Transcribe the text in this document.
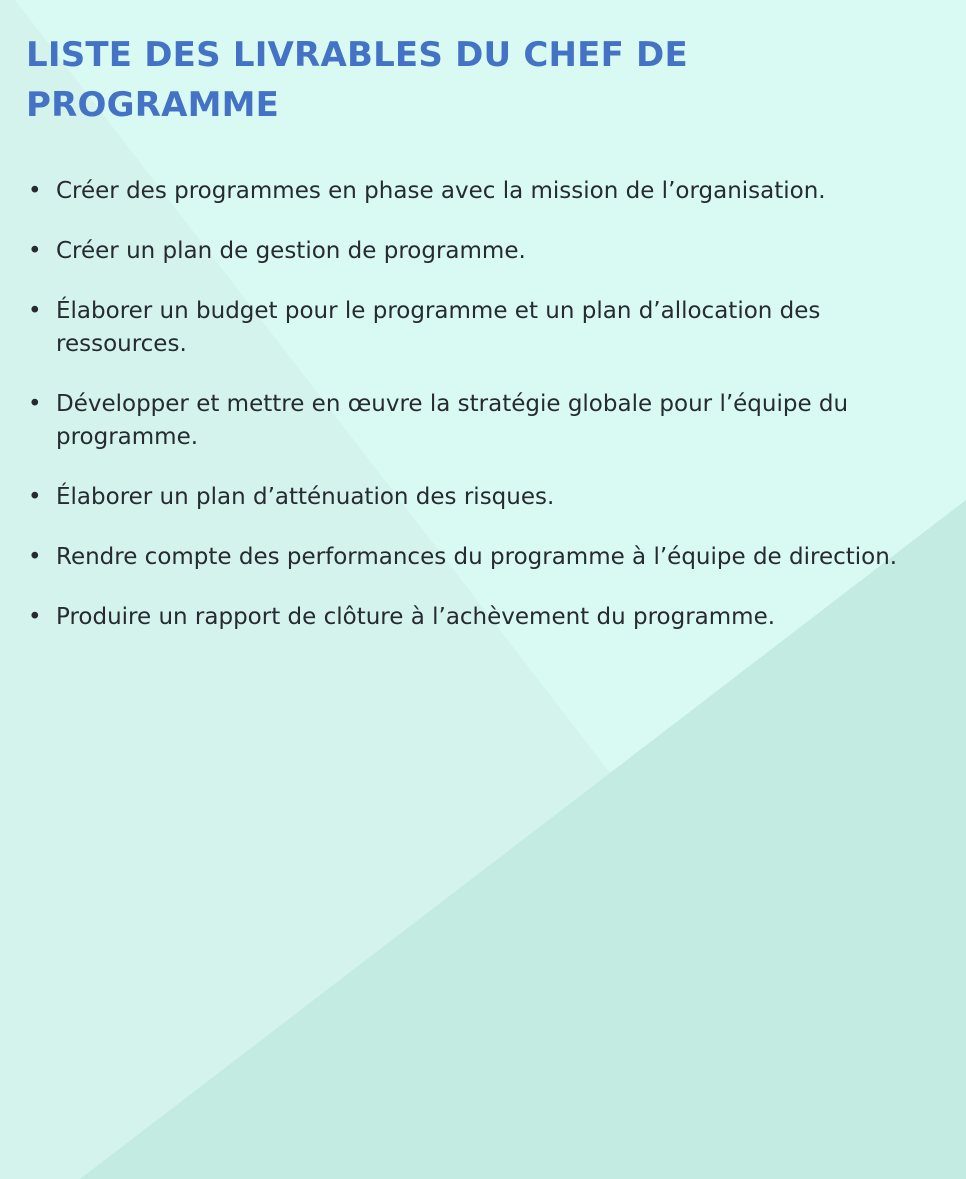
LISTE DES LIVRABLES DU CHEF DE PROGRAMME
• Créer des programmes en phase avec la mission de l’organisation.
• Créer un plan de gestion de programme.
• Élaborer un budget pour le programme et un plan d’allocation des ressources.
• Développer et mettre en œuvre la stratégie globale pour l’équipe du programme.
• Élaborer un plan d’atténuation des risques.
• Rendre compte des performances du programme à l’équipe de direction.
• Produire un rapport de clôture à l’achèvement du programme.
